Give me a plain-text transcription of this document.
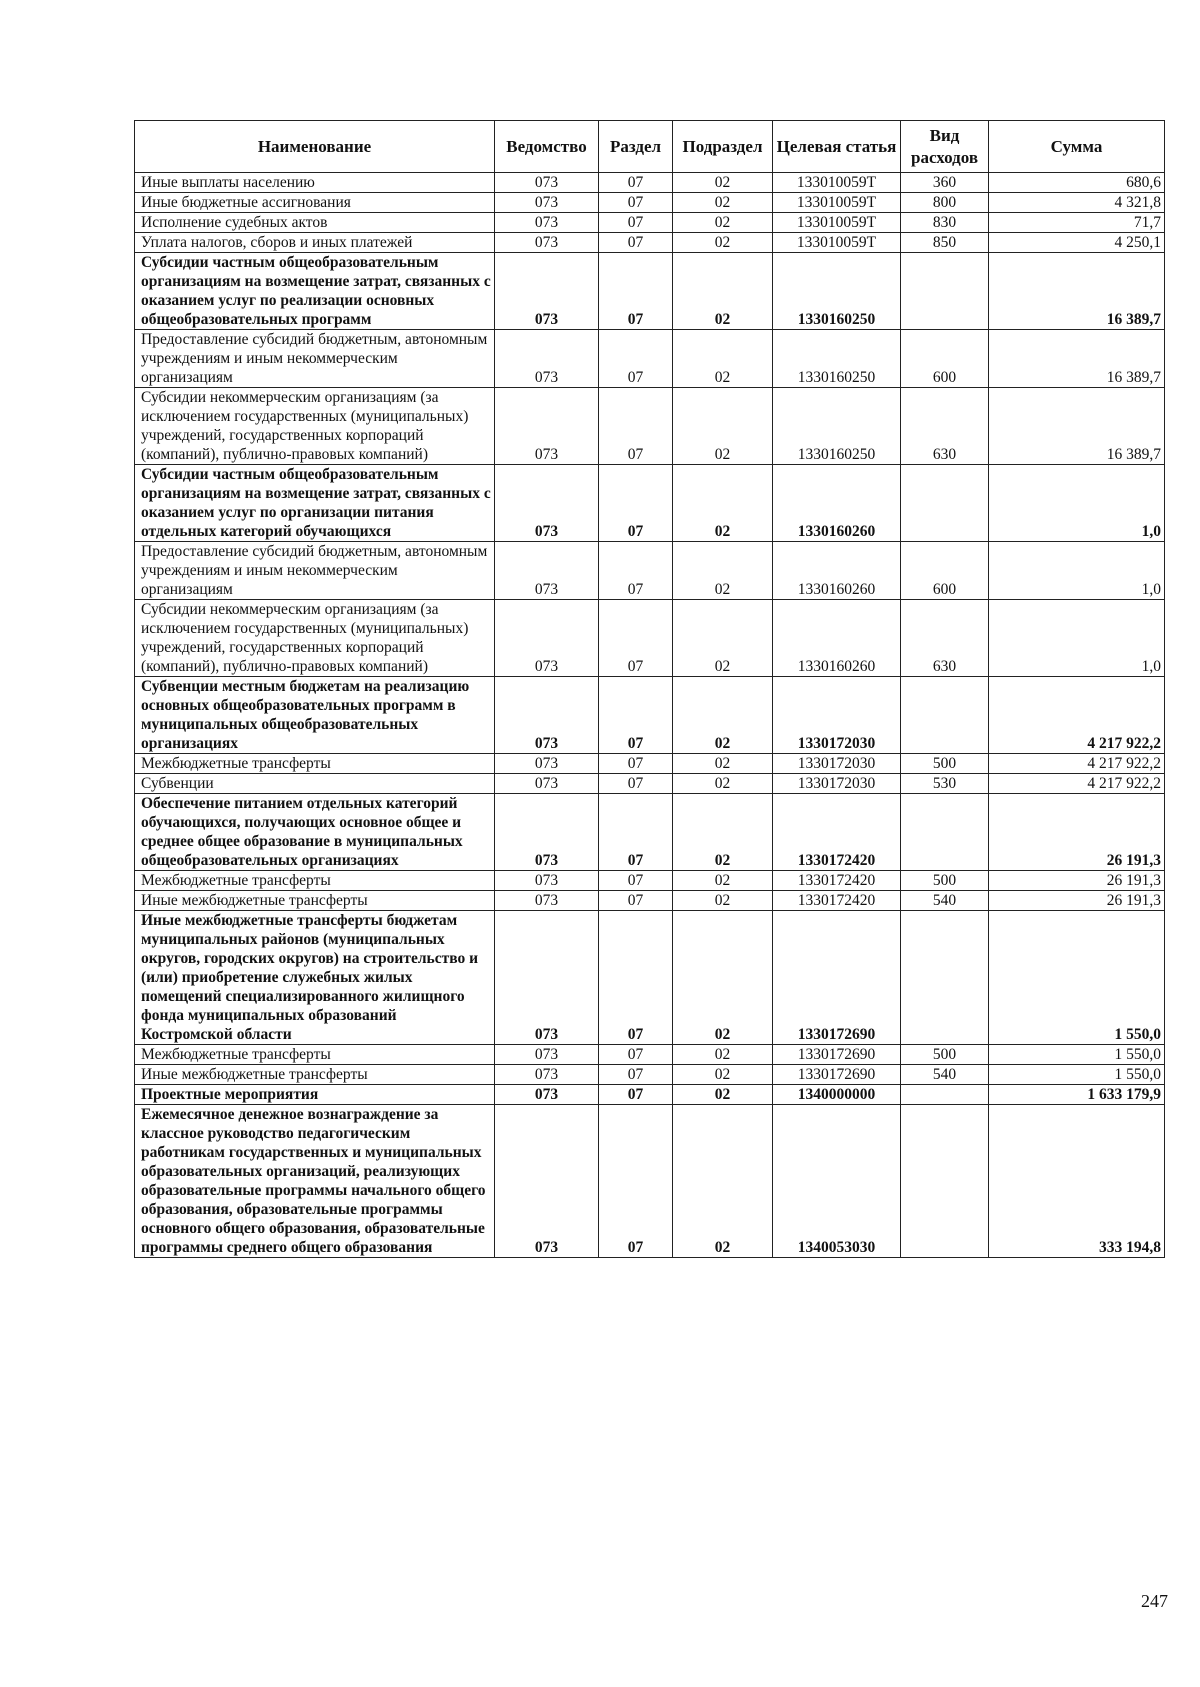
Наименование	Ведомство	Раздел	Подраздел	Целевая статья	Вид расходов	Сумма
Иные выплаты населению	073	07	02	133010059Т	360	680,6
Иные бюджетные ассигнования	073	07	02	133010059Т	800	4 321,8
Исполнение судебных актов	073	07	02	133010059Т	830	71,7
Уплата налогов, сборов и иных платежей	073	07	02	133010059Т	850	4 250,1
Субсидии частным общеобразовательным организациям на возмещение затрат, связанных с оказанием услуг по реализации основных общеобразовательных программ	073	07	02	1330160250		16 389,7
Предоставление субсидий бюджетным, автономным учреждениям и иным некоммерческим организациям	073	07	02	1330160250	600	16 389,7
Субсидии некоммерческим организациям (за исключением государственных (муниципальных) учреждений, государственных корпораций (компаний), публично-правовых компаний)	073	07	02	1330160250	630	16 389,7
Субсидии частным общеобразовательным организациям на возмещение затрат, связанных с оказанием услуг по организации питания отдельных категорий обучающихся	073	07	02	1330160260		1,0
Предоставление субсидий бюджетным, автономным учреждениям и иным некоммерческим организациям	073	07	02	1330160260	600	1,0
Субсидии некоммерческим организациям (за исключением государственных (муниципальных) учреждений, государственных корпораций (компаний), публично-правовых компаний)	073	07	02	1330160260	630	1,0
Субвенции местным бюджетам на реализацию основных общеобразовательных программ в муниципальных общеобразовательных организациях	073	07	02	1330172030		4 217 922,2
Межбюджетные трансферты	073	07	02	1330172030	500	4 217 922,2
Субвенции	073	07	02	1330172030	530	4 217 922,2
Обеспечение питанием отдельных категорий обучающихся, получающих основное общее и среднее общее образование в муниципальных общеобразовательных организациях	073	07	02	1330172420		26 191,3
Межбюджетные трансферты	073	07	02	1330172420	500	26 191,3
Иные межбюджетные трансферты	073	07	02	1330172420	540	26 191,3
Иные межбюджетные трансферты бюджетам муниципальных районов (муниципальных округов, городских округов) на строительство и (или) приобретение служебных жилых помещений специализированного жилищного фонда муниципальных образований Костромской области	073	07	02	1330172690		1 550,0
Межбюджетные трансферты	073	07	02	1330172690	500	1 550,0
Иные межбюджетные трансферты	073	07	02	1330172690	540	1 550,0
Проектные мероприятия	073	07	02	1340000000		1 633 179,9
Ежемесячное денежное вознаграждение за классное руководство педагогическим работникам государственных и муниципальных образовательных организаций, реализующих образовательные программы начального общего образования, образовательные программы основного общего образования, образовательные программы среднего общего образования	073	07	02	1340053030		333 194,8
247
